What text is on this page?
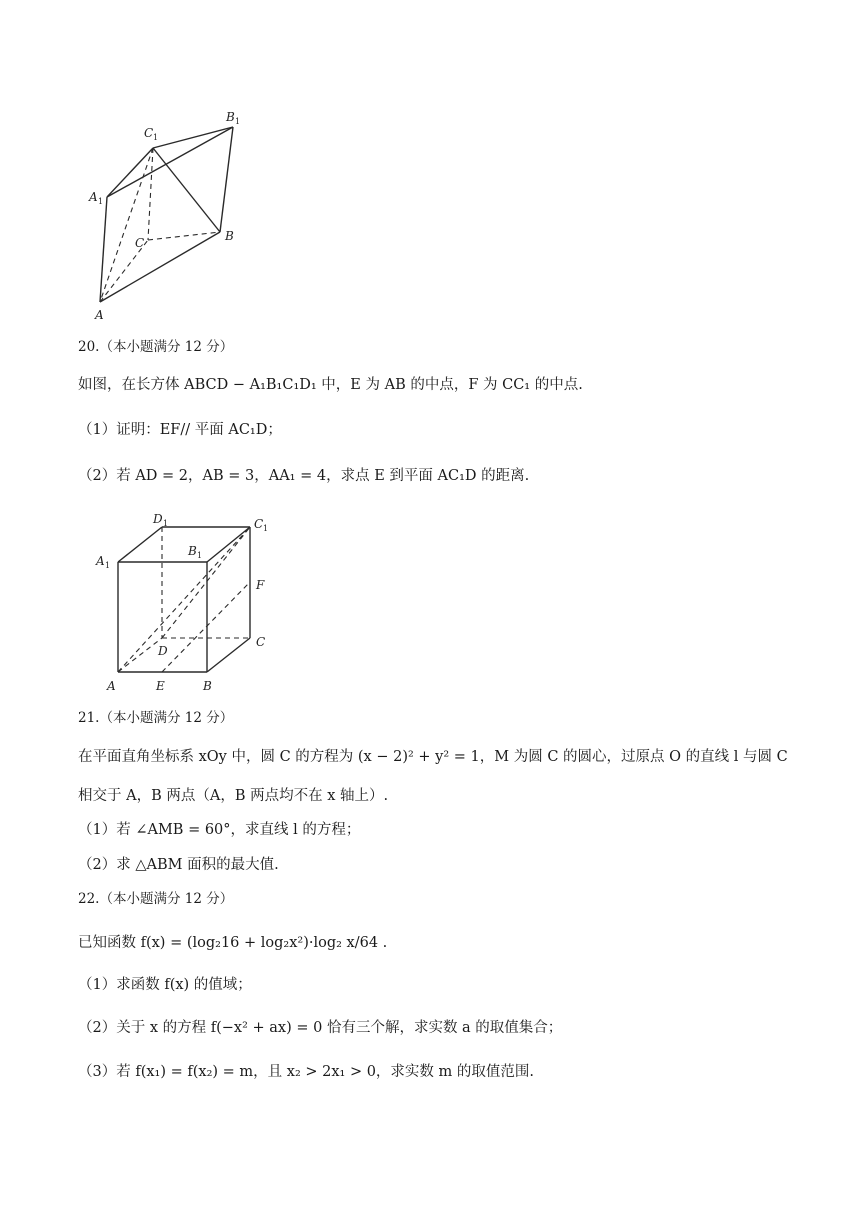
C 1
B 1
A 1
C	B
A
20.（本小题满分 12 分）
如图，在长方体 ABCD − A₁B₁C₁D₁ 中，E 为 AB 的中点，F 为 CC₁ 的中点.
（1）证明：EF// 平面 AC₁D；
（2）若 AD = 2，AB = 3，AA₁ = 4，求点 E 到平面 AC₁D 的距离.
D 1	C 1
A 1
B 1
F
D
C
A	E	B
21.（本小题满分 12 分）
在平面直角坐标系 xOy 中，圆 C 的方程为 (x − 2)² + y² = 1，M 为圆 C 的圆心，过原点 O 的直线 l 与圆 C
相交于 A，B 两点（A，B 两点均不在 x 轴上）.
（1）若 ∠AMB = 60°，求直线 l 的方程；
（2）求 △ABM 面积的最大值.
22.（本小题满分 12 分）
已知函数 f(x) = (log₂16 + log₂x²)·log₂ x/64 .
（1）求函数 f(x) 的值域；
（2）关于 x 的方程 f(−x² + ax) = 0 恰有三个解，求实数 a 的取值集合；
（3）若 f(x₁) = f(x₂) = m，且 x₂ > 2x₁ > 0，求实数 m 的取值范围.
